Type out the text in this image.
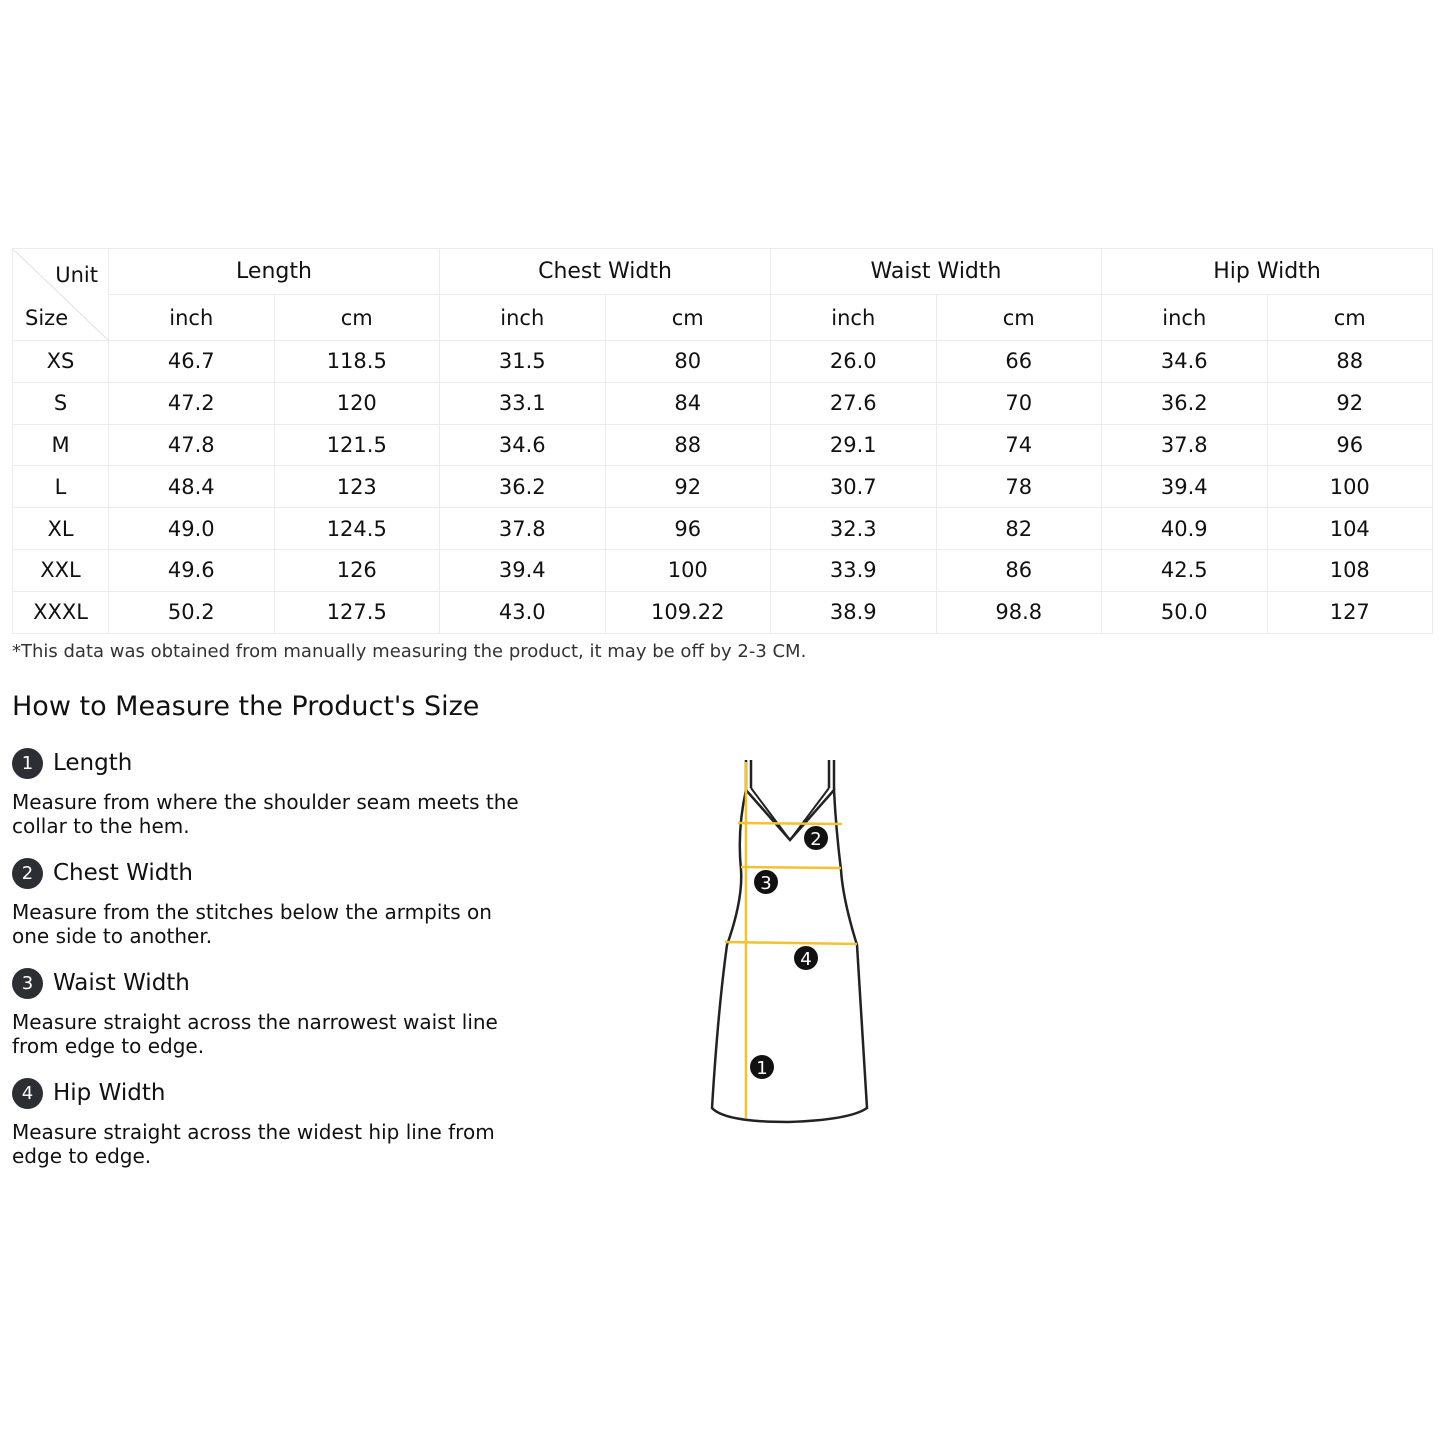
Unit
Size	Length		Chest Width		Waist Width		Hip Width	
	inch	cm	inch	cm	inch	cm	inch	cm
XS	46.7	118.5	31.5	80	26.0	66	34.6	88
S	47.2	120	33.1	84	27.6	70	36.2	92
M	47.8	121.5	34.6	88	29.1	74	37.8	96
L	48.4	123	36.2	92	30.7	78	39.4	100
XL	49.0	124.5	37.8	96	32.3	82	40.9	104
XXL	49.6	126	39.4	100	33.9	86	42.5	108
XXXL	50.2	127.5	43.0	109.22	38.9	98.8	50.0	127
*This data was obtained from manually measuring the product, it may be off by 2-3 CM.
How to Measure the Product's Size
1 Length
Measure from where the shoulder seam meets the collar to the hem.
2 Chest Width
Measure from the stitches below the armpits on one side to another.
3 Waist Width
Measure straight across the narrowest waist line from edge to edge.
4 Hip Width
Measure straight across the widest hip line from edge to edge.
2
3
4
1
